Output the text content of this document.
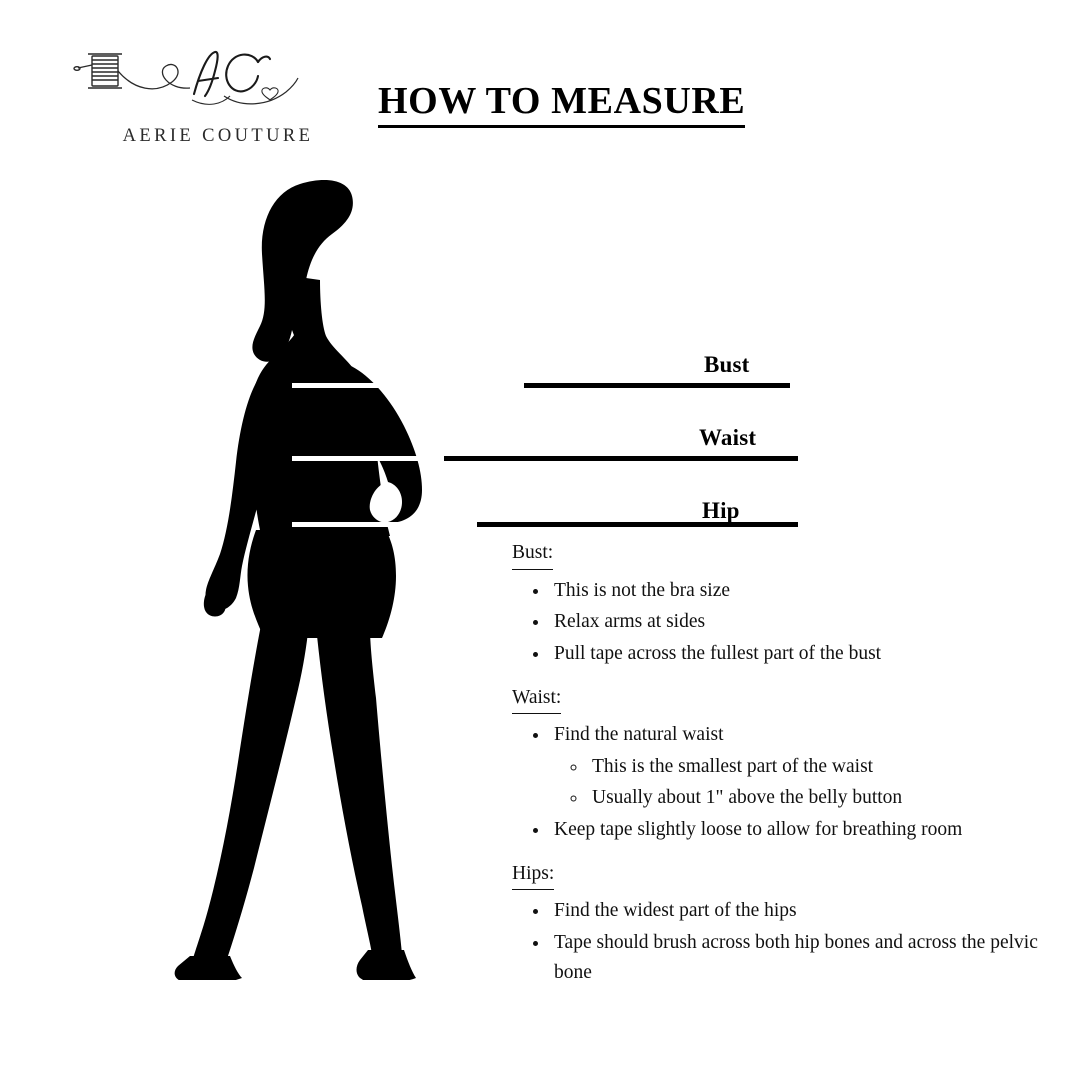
AERIE COUTURE
HOW TO MEASURE
Bust
Waist
Hip
Bust:
• This is not the bra size
• Relax arms at sides
• Pull tape across the fullest part of the bust
Waist:
• Find the natural waist
◦ This is the smallest part of the waist
◦ Usually about 1" above the belly button
• Keep tape slightly loose to allow for breathing room
Hips:
• Find the widest part of the hips
• Tape should brush across both hip bones and across the pelvic bone
